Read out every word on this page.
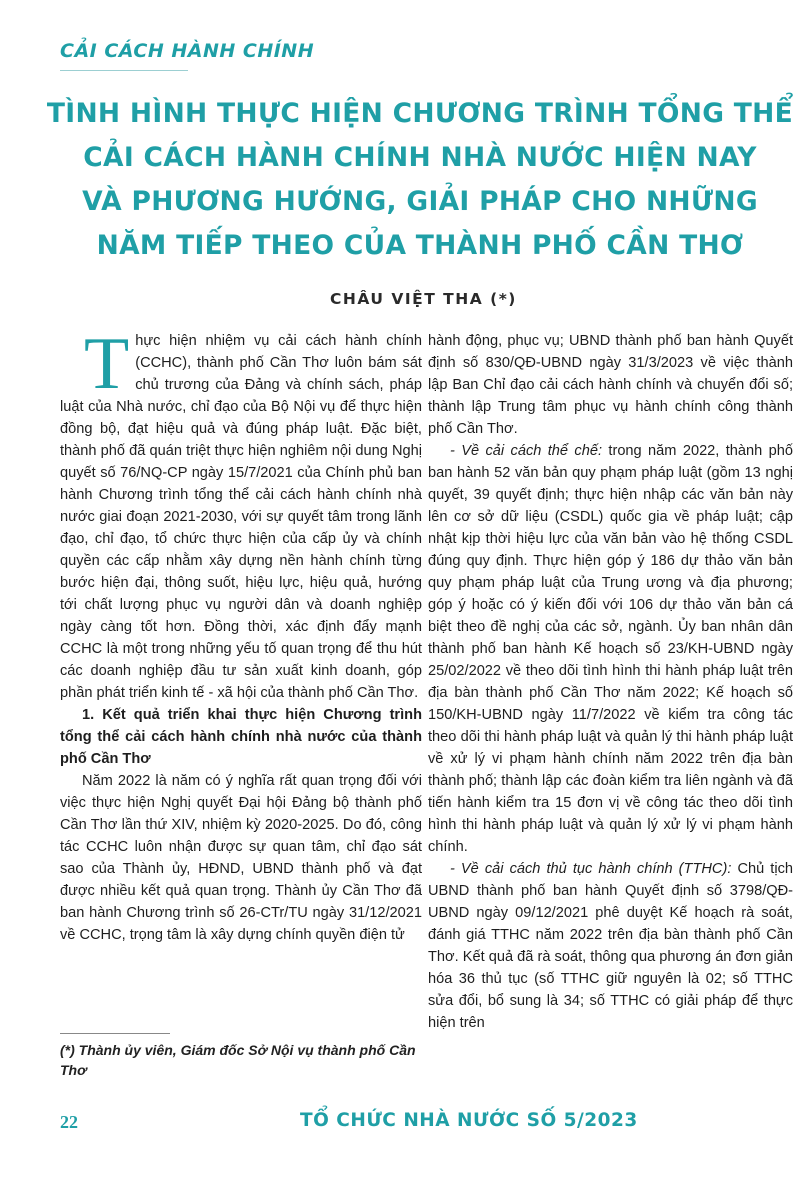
CẢI CÁCH HÀNH CHÍNH
TÌNH HÌNH THỰC HIỆN CHƯƠNG TRÌNH TỔNG THỂ
CẢI CÁCH HÀNH CHÍNH NHÀ NƯỚC HIỆN NAY
VÀ PHƯƠNG HƯỚNG, GIẢI PHÁP CHO NHỮNG
NĂM TIẾP THEO CỦA THÀNH PHỐ CẦN THƠ
CHÂU VIỆT THA (*)

Thực hiện nhiệm vụ cải cách hành chính (CCHC), thành phố Cần Thơ luôn bám sát chủ trương của Đảng và chính sách, pháp luật của Nhà nước, chỉ đạo của Bộ Nội vụ để thực hiện đồng bộ, đạt hiệu quả và đúng pháp luật. Đặc biệt, thành phố đã quán triệt thực hiện nghiêm nội dung Nghị quyết số 76/NQ-CP ngày 15/7/2021 của Chính phủ ban hành Chương trình tổng thể cải cách hành chính nhà nước giai đoạn 2021-2030, với sự quyết tâm trong lãnh đạo, chỉ đạo, tổ chức thực hiện của cấp ủy và chính quyền các cấp nhằm xây dựng nền hành chính từng bước hiện đại, thông suốt, hiệu lực, hiệu quả, hướng tới chất lượng phục vụ người dân và doanh nghiệp ngày càng tốt hơn. Đồng thời, xác định đẩy mạnh CCHC là một trong những yếu tố quan trọng để thu hút các doanh nghiệp đầu tư sản xuất kinh doanh, góp phần phát triển kinh tế - xã hội của thành phố Cần Thơ.

1. Kết quả triển khai thực hiện Chương trình tổng thể cải cách hành chính nhà nước của thành phố Cần Thơ

Năm 2022 là năm có ý nghĩa rất quan trọng đối với việc thực hiện Nghị quyết Đại hội Đảng bộ thành phố Cần Thơ lần thứ XIV, nhiệm kỳ 2020-2025. Do đó, công tác CCHC luôn nhận được sự quan tâm, chỉ đạo sát sao của Thành ủy, HĐND, UBND thành phố và đạt được nhiều kết quả quan trọng. Thành ủy Cần Thơ đã ban hành Chương trình số 26-CTr/TU ngày 31/12/2021 về CCHC, trọng tâm là xây dựng chính quyền điện tử

hành động, phục vụ; UBND thành phố ban hành Quyết định số 830/QĐ-UBND ngày 31/3/2023 về việc thành lập Ban Chỉ đạo cải cách hành chính và chuyển đổi số; thành lập Trung tâm phục vụ hành chính công thành phố Cần Thơ.

- Về cải cách thể chế: trong năm 2022, thành phố ban hành 52 văn bản quy phạm pháp luật (gồm 13 nghị quyết, 39 quyết định; thực hiện nhập các văn bản này lên cơ sở dữ liệu (CSDL) quốc gia về pháp luật; cập nhật kịp thời hiệu lực của văn bản vào hệ thống CSDL đúng quy định. Thực hiện góp ý 186 dự thảo văn bản quy phạm pháp luật của Trung ương và địa phương; góp ý hoặc có ý kiến đối với 106 dự thảo văn bản cá biệt theo đề nghị của các sở, ngành. Ủy ban nhân dân thành phố ban hành Kế hoạch số 23/KH-UBND ngày 25/02/2022 về theo dõi tình hình thi hành pháp luật trên địa bàn thành phố Cần Thơ năm 2022; Kế hoạch số 150/KH-UBND ngày 11/7/2022 về kiểm tra công tác theo dõi thi hành pháp luật và quản lý thi hành pháp luật về xử lý vi phạm hành chính năm 2022 trên địa bàn thành phố; thành lập các đoàn kiểm tra liên ngành và đã tiến hành kiểm tra 15 đơn vị về công tác theo dõi tình hình thi hành pháp luật và quản lý xử lý vi phạm hành chính.

- Về cải cách thủ tục hành chính (TTHC): Chủ tịch UBND thành phố ban hành Quyết định số 3798/QĐ-UBND ngày 09/12/2021 phê duyệt Kế hoạch rà soát, đánh giá TTHC năm 2022 trên địa bàn thành phố Cần Thơ. Kết quả đã rà soát, thông qua phương án đơn giản hóa 36 thủ tục (số TTHC giữ nguyên là 02; số TTHC sửa đổi, bổ sung là 34; số TTHC có giải pháp để thực hiện trên

(*) Thành ủy viên, Giám đốc Sở Nội vụ thành phố Cần Thơ

22	TỔ CHỨC NHÀ NƯỚC SỐ 5/2023
